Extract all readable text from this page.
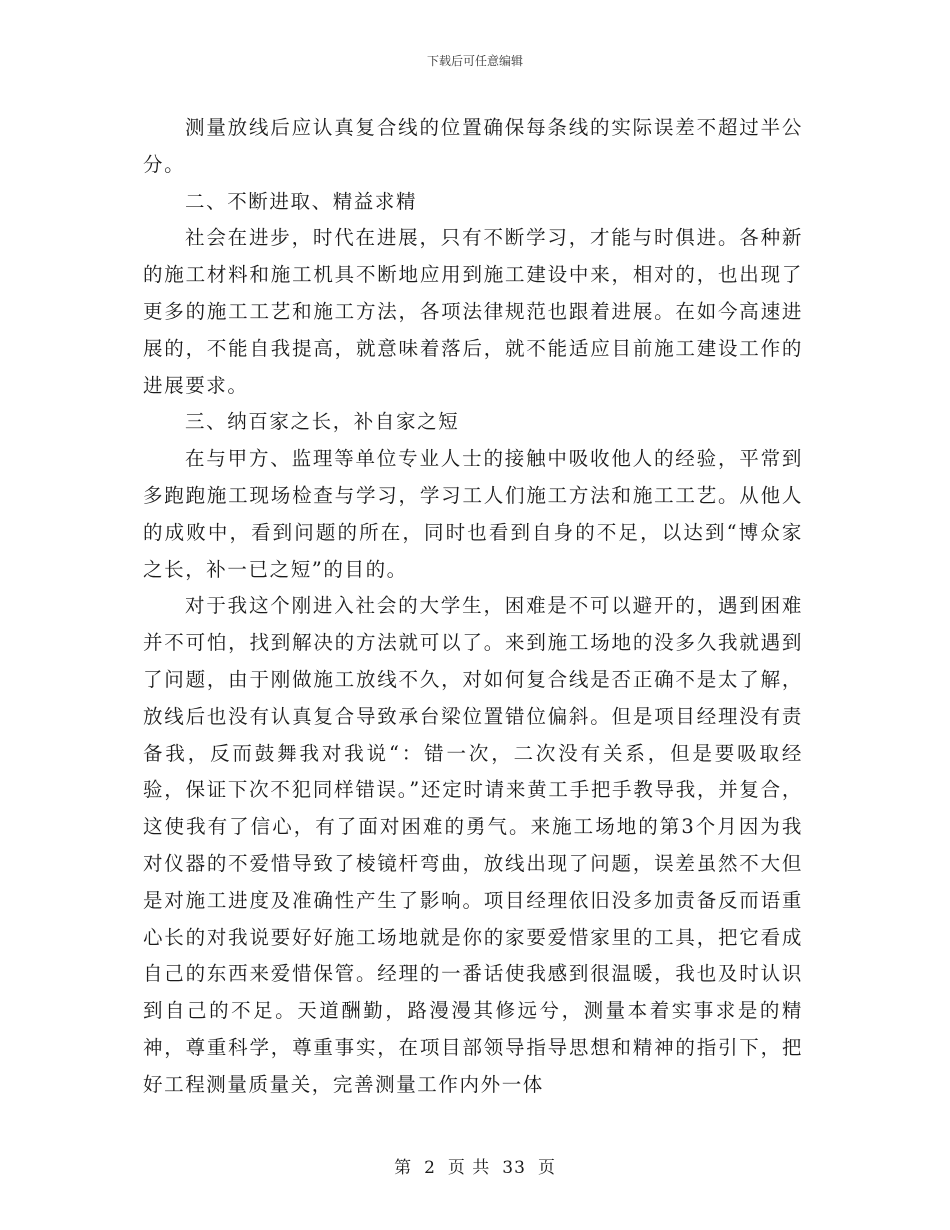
下载后可任意编辑

测量放线后应认真复合线的位置确保每条线的实际误差不超过半公分。

二、不断进取、精益求精

社会在进步，时代在进展，只有不断学习，才能与时俱进。各种新的施工材料和施工机具不断地应用到施工建设中来，相对的，也出现了更多的施工工艺和施工方法，各项法律规范也跟着进展。在如今高速进展的，不能自我提高，就意味着落后，就不能适应目前施工建设工作的进展要求。

三、纳百家之长，补自家之短

在与甲方、监理等单位专业人士的接触中吸收他人的经验，平常到多跑跑施工现场检查与学习，学习工人们施工方法和施工工艺。从他人的成败中，看到问题的所在，同时也看到自身的不足，以达到“博众家之长，补一已之短”的目的。

对于我这个刚进入社会的大学生，困难是不可以避开的，遇到困难并不可怕，找到解决的方法就可以了。来到施工场地的没多久我就遇到了问题，由于刚做施工放线不久，对如何复合线是否正确不是太了解，放线后也没有认真复合导致承台梁位置错位偏斜。但是项目经理没有责备我，反而鼓舞我对我说“：错一次，二次没有关系，但是要吸取经验，保证下次不犯同样错误。”还定时请来黄工手把手教导我，并复合，这使我有了信心，有了面对困难的勇气。来施工场地的第3个月因为我对仪器的不爱惜导致了棱镜杆弯曲，放线出现了问题，误差虽然不大但是对施工进度及准确性产生了影响。项目经理依旧没多加责备反而语重心长的对我说要好好施工场地就是你的家要爱惜家里的工具，把它看成自己的东西来爱惜保管。经理的一番话使我感到很温暖，我也及时认识到自己的不足。天道酬勤，路漫漫其修远兮，测量本着实事求是的精神，尊重科学，尊重事实，在项目部领导指导思想和精神的指引下，把好工程测量质量关，完善测量工作内外一体

第 2 页 共 33 页
